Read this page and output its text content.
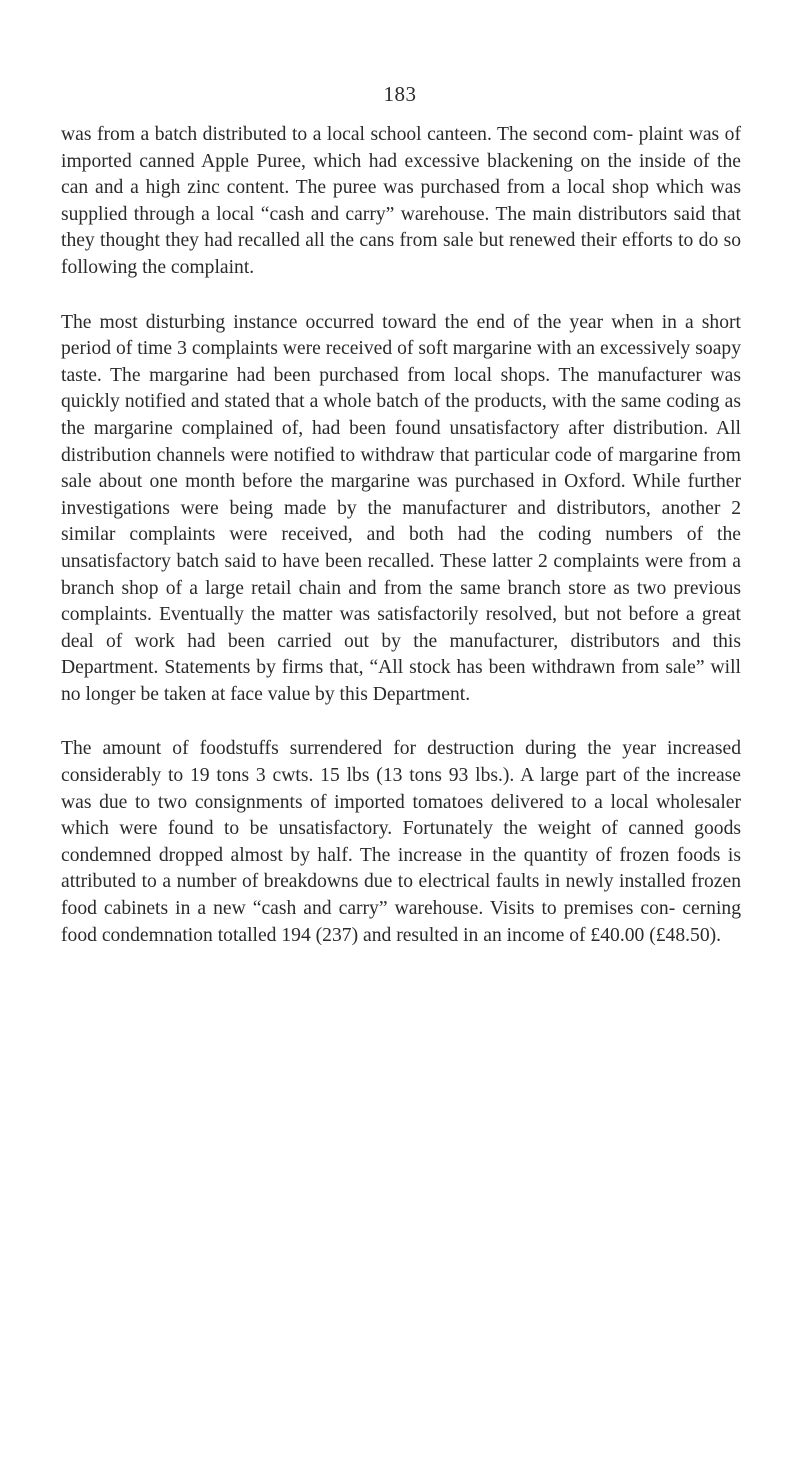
183

was from a batch distributed to a local school canteen. The second com- plaint was of imported canned Apple Puree, which had excessive blackening on the inside of the can and a high zinc content. The puree was purchased from a local shop which was supplied through a local “cash and carry” warehouse. The main distributors said that they thought they had recalled all the cans from sale but renewed their efforts to do so following the complaint.

The most disturbing instance occurred toward the end of the year when in a short period of time 3 complaints were received of soft margarine with an excessively soapy taste. The margarine had been purchased from local shops. The manufacturer was quickly notified and stated that a whole batch of the products, with the same coding as the margarine complained of, had been found unsatisfactory after distribution. All distribution channels were notified to withdraw that particular code of margarine from sale about one month before the margarine was purchased in Oxford. While further investigations were being made by the manufacturer and distributors, another 2 similar complaints were received, and both had the coding numbers of the unsatisfactory batch said to have been recalled. These latter 2 complaints were from a branch shop of a large retail chain and from the same branch store as two previous complaints. Eventually the matter was satisfactorily resolved, but not before a great deal of work had been carried out by the manufacturer, distributors and this Department. Statements by firms that, “All stock has been withdrawn from sale” will no longer be taken at face value by this Department.

The amount of foodstuffs surrendered for destruction during the year increased considerably to 19 tons 3 cwts. 15 lbs (13 tons 93 lbs.). A large part of the increase was due to two consignments of imported tomatoes delivered to a local wholesaler which were found to be unsatisfactory. Fortunately the weight of canned goods condemned dropped almost by half. The increase in the quantity of frozen foods is attributed to a number of breakdowns due to electrical faults in newly installed frozen food cabinets in a new “cash and carry” warehouse. Visits to premises con- cerning food condemnation totalled 194 (237) and resulted in an income of £40.00 (£48.50).
